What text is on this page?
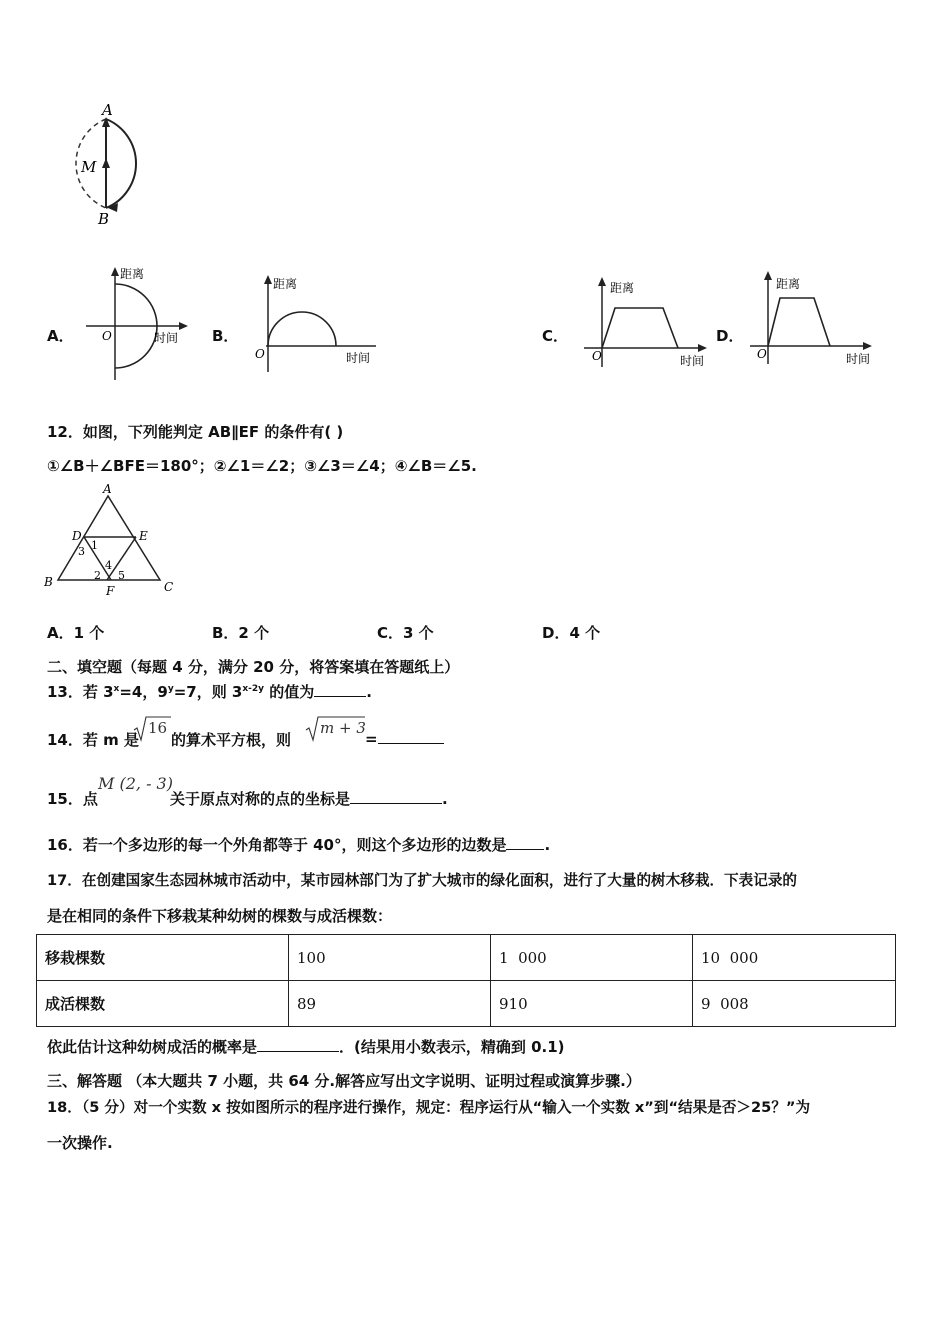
A
M
B
A．
距离
时间
O	B．
距离
时间
O
C．
距离
时间
O
D．
距离
时间
O
12．如图，下列能判定 AB∥EF 的条件有( )
①∠B＋∠BFE＝180°；②∠1＝∠2；③∠3＝∠4；④∠B＝∠5.
A
B	C
D	E
F
1
3
2
4
5
A．1 个	B．2 个	C．3 个	D．4 个
二、填空题（每题 4 分，满分 20 分，将答案填在答题纸上）
13．若 $3^x=4$，$9^y=7$，则 $3^{x-2y}$ 的值为	.
14．若 m 是
16
的算术平方根，则
m + 3
=
15．点
M (2, - 3)
关于原点对称的点的坐标是	.
16．若一个多边形的每一个外角都等于 40°，则这个多边形的边数是	.
17．在创建国家生态园林城市活动中，某市园林部门为了扩大城市的绿化面积，进行了大量的树木移栽．下表记录的
是在相同的条件下移栽某种幼树的棵数与成活棵数：
移栽棵数	100	1  000	10  000
成活棵数	89	910	9  008
依此估计这种幼树成活的概率是	．(结果用小数表示，精确到 0.1)
三、解答题 （本大题共 7 小题，共 64 分.解答应写出文字说明、证明过程或演算步骤.）
18．（5 分）对一个实数 x 按如图所示的程序进行操作，规定：程序运行从“输入一个实数 x”到“结果是否＞25？”为
一次操作.
